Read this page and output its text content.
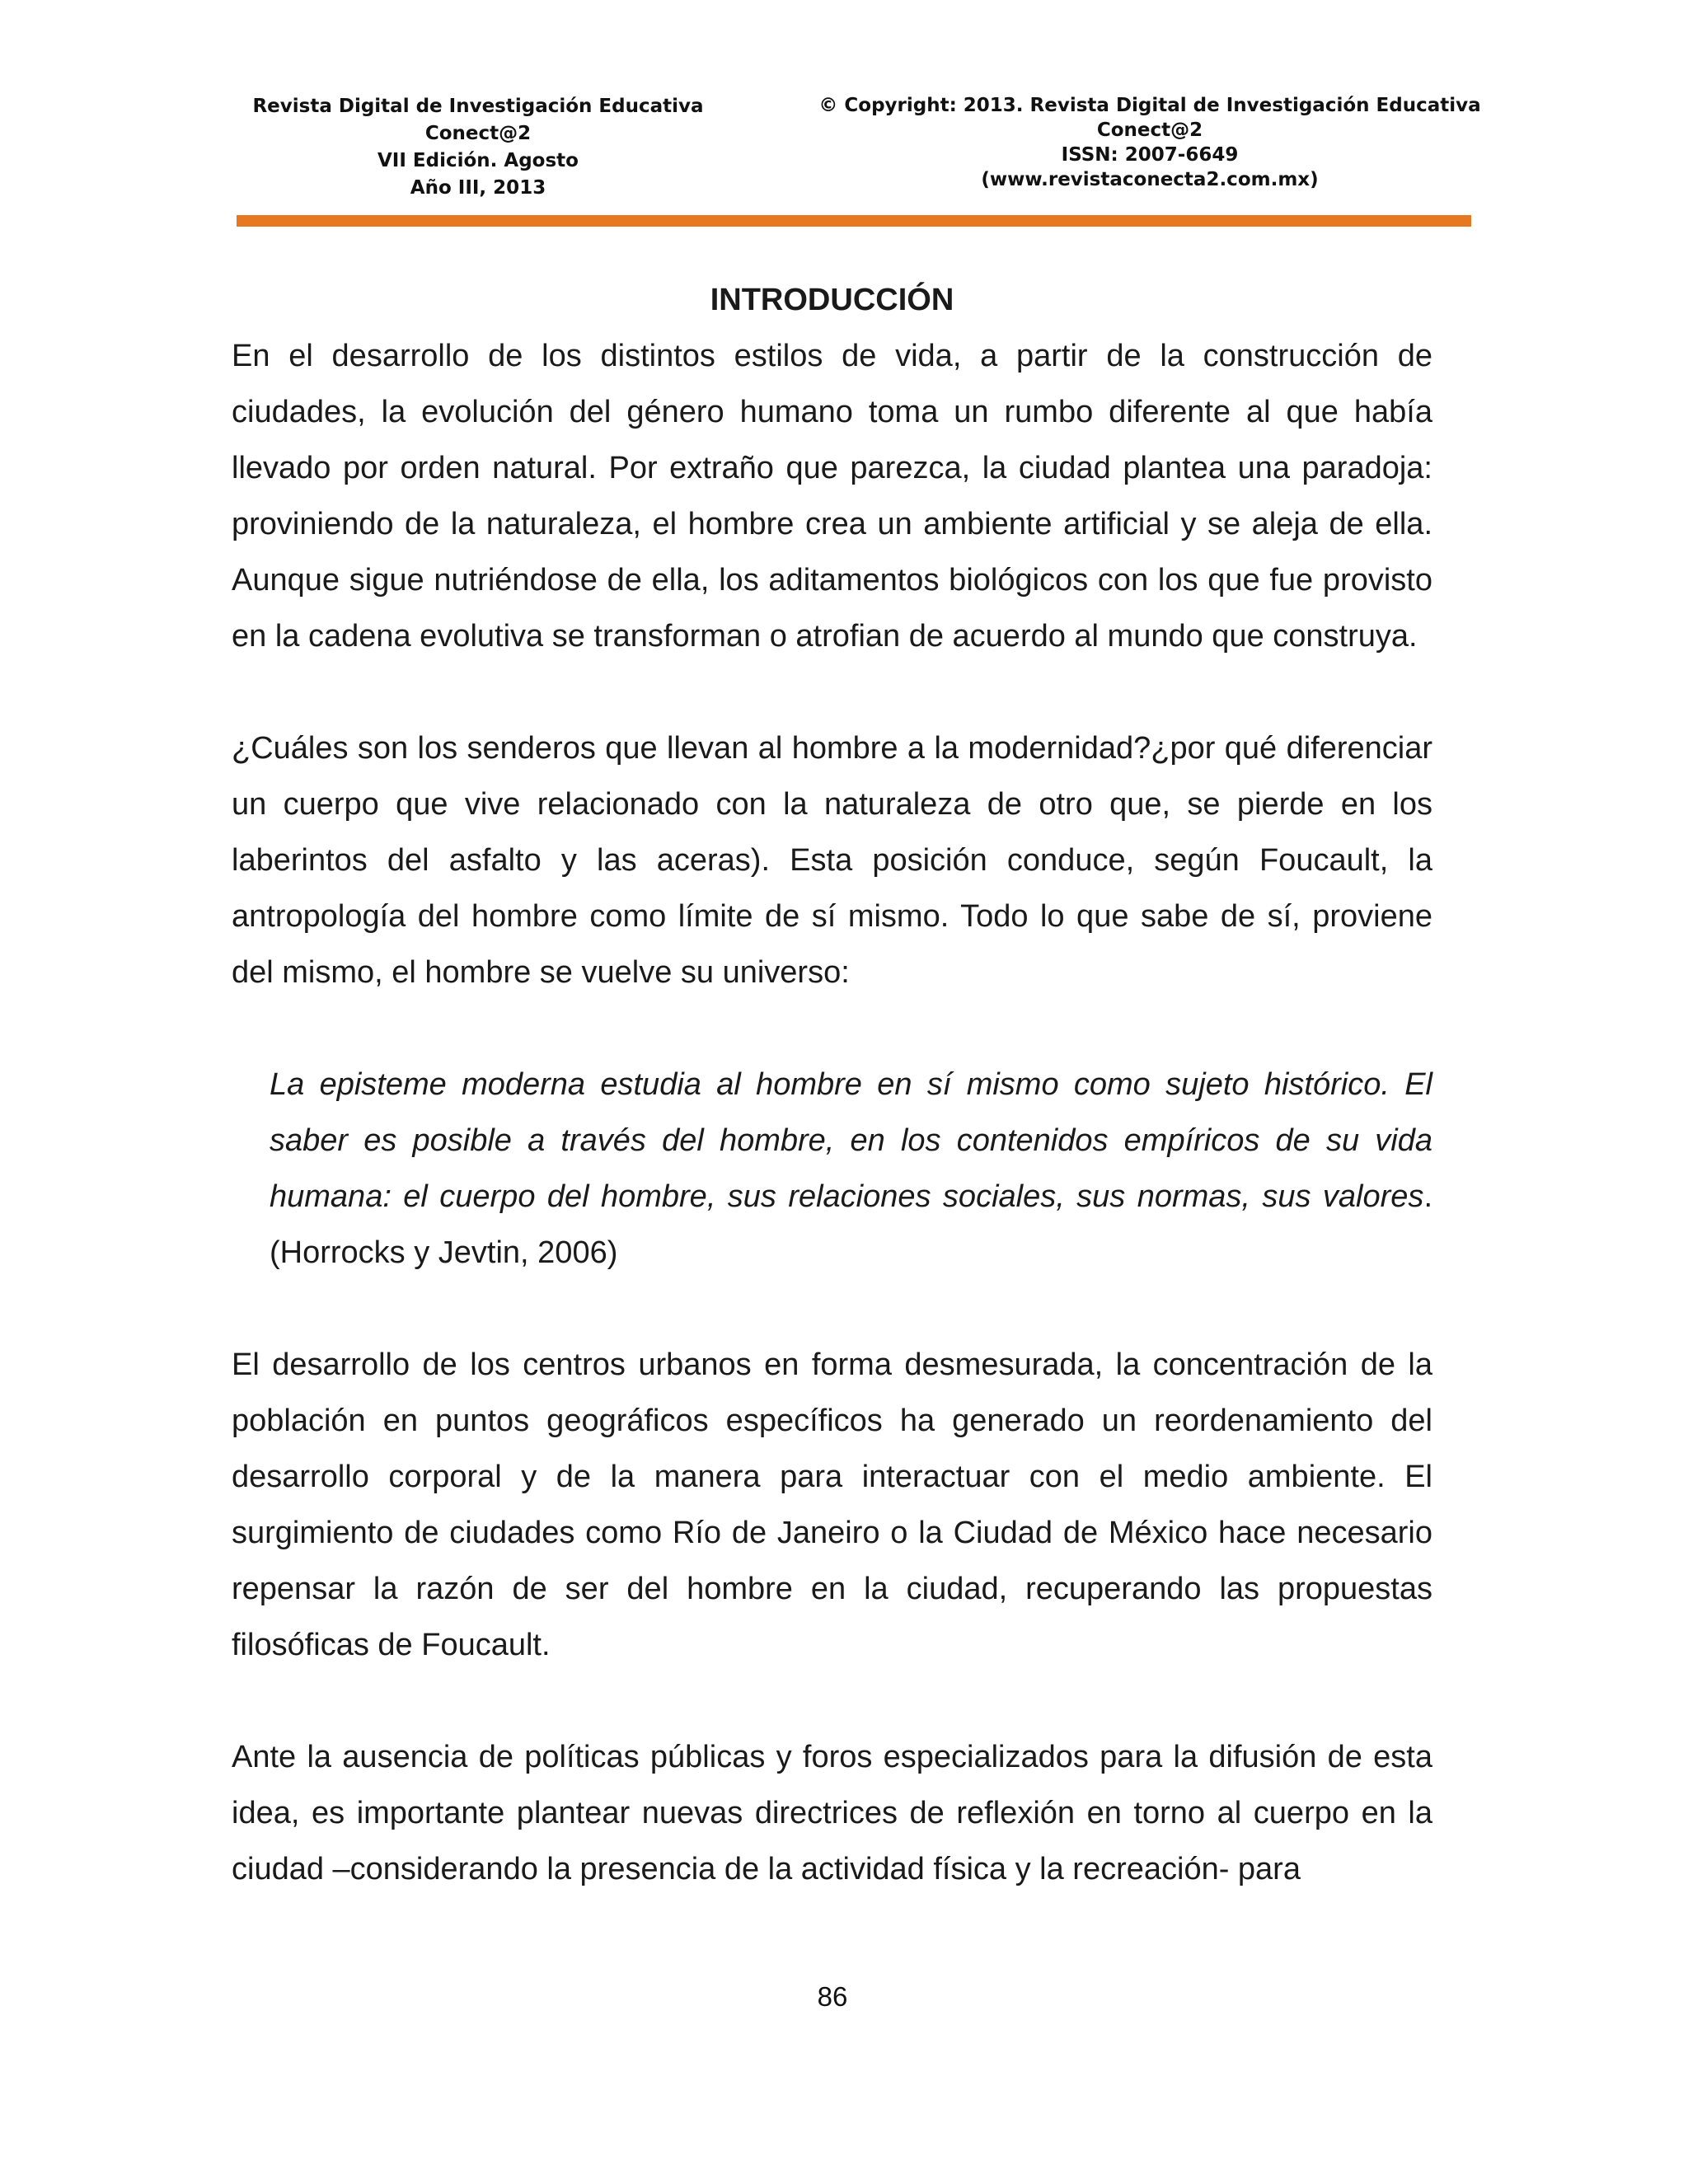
Revista Digital de Investigación Educativa
Conect@2
VII Edición. Agosto
Año III, 2013
© Copyright: 2013. Revista Digital de Investigación Educativa
Conect@2
ISSN: 2007-6649
(www.revistaconecta2.com.mx)

INTRODUCCIÓN

En el desarrollo de los distintos estilos de vida, a partir de la construcción de ciudades, la evolución del género humano toma un rumbo diferente al que había llevado por orden natural. Por extraño que parezca, la ciudad plantea una paradoja: proviniendo de la naturaleza, el hombre crea un ambiente artificial y se aleja de ella. Aunque sigue nutriéndose de ella, los aditamentos biológicos con los que fue provisto en la cadena evolutiva se transforman o atrofian de acuerdo al mundo que construya.

¿Cuáles son los senderos que llevan al hombre a la modernidad?¿por qué diferenciar un cuerpo que vive relacionado con la naturaleza de otro que, se pierde en los laberintos del asfalto y las aceras). Esta posición conduce, según Foucault, la antropología del hombre como límite de sí mismo. Todo lo que sabe de sí, proviene del mismo, el hombre se vuelve su universo:

La episteme moderna estudia al hombre en sí mismo como sujeto histórico. El saber es posible a través del hombre, en los contenidos empíricos de su vida humana: el cuerpo del hombre, sus relaciones sociales, sus normas, sus valores. (Horrocks y Jevtin, 2006)

El desarrollo de los centros urbanos en forma desmesurada, la concentración de la población en puntos geográficos específicos ha generado un reordenamiento del desarrollo corporal y de la manera para interactuar con el medio ambiente. El surgimiento de ciudades como Río de Janeiro o la Ciudad de México hace necesario repensar la razón de ser del hombre en la ciudad, recuperando las propuestas filosóficas de Foucault.

Ante la ausencia de políticas públicas y foros especializados para la difusión de esta idea, es importante plantear nuevas directrices de reflexión en torno al cuerpo en la ciudad –considerando la presencia de la actividad física y la recreación- para

86
